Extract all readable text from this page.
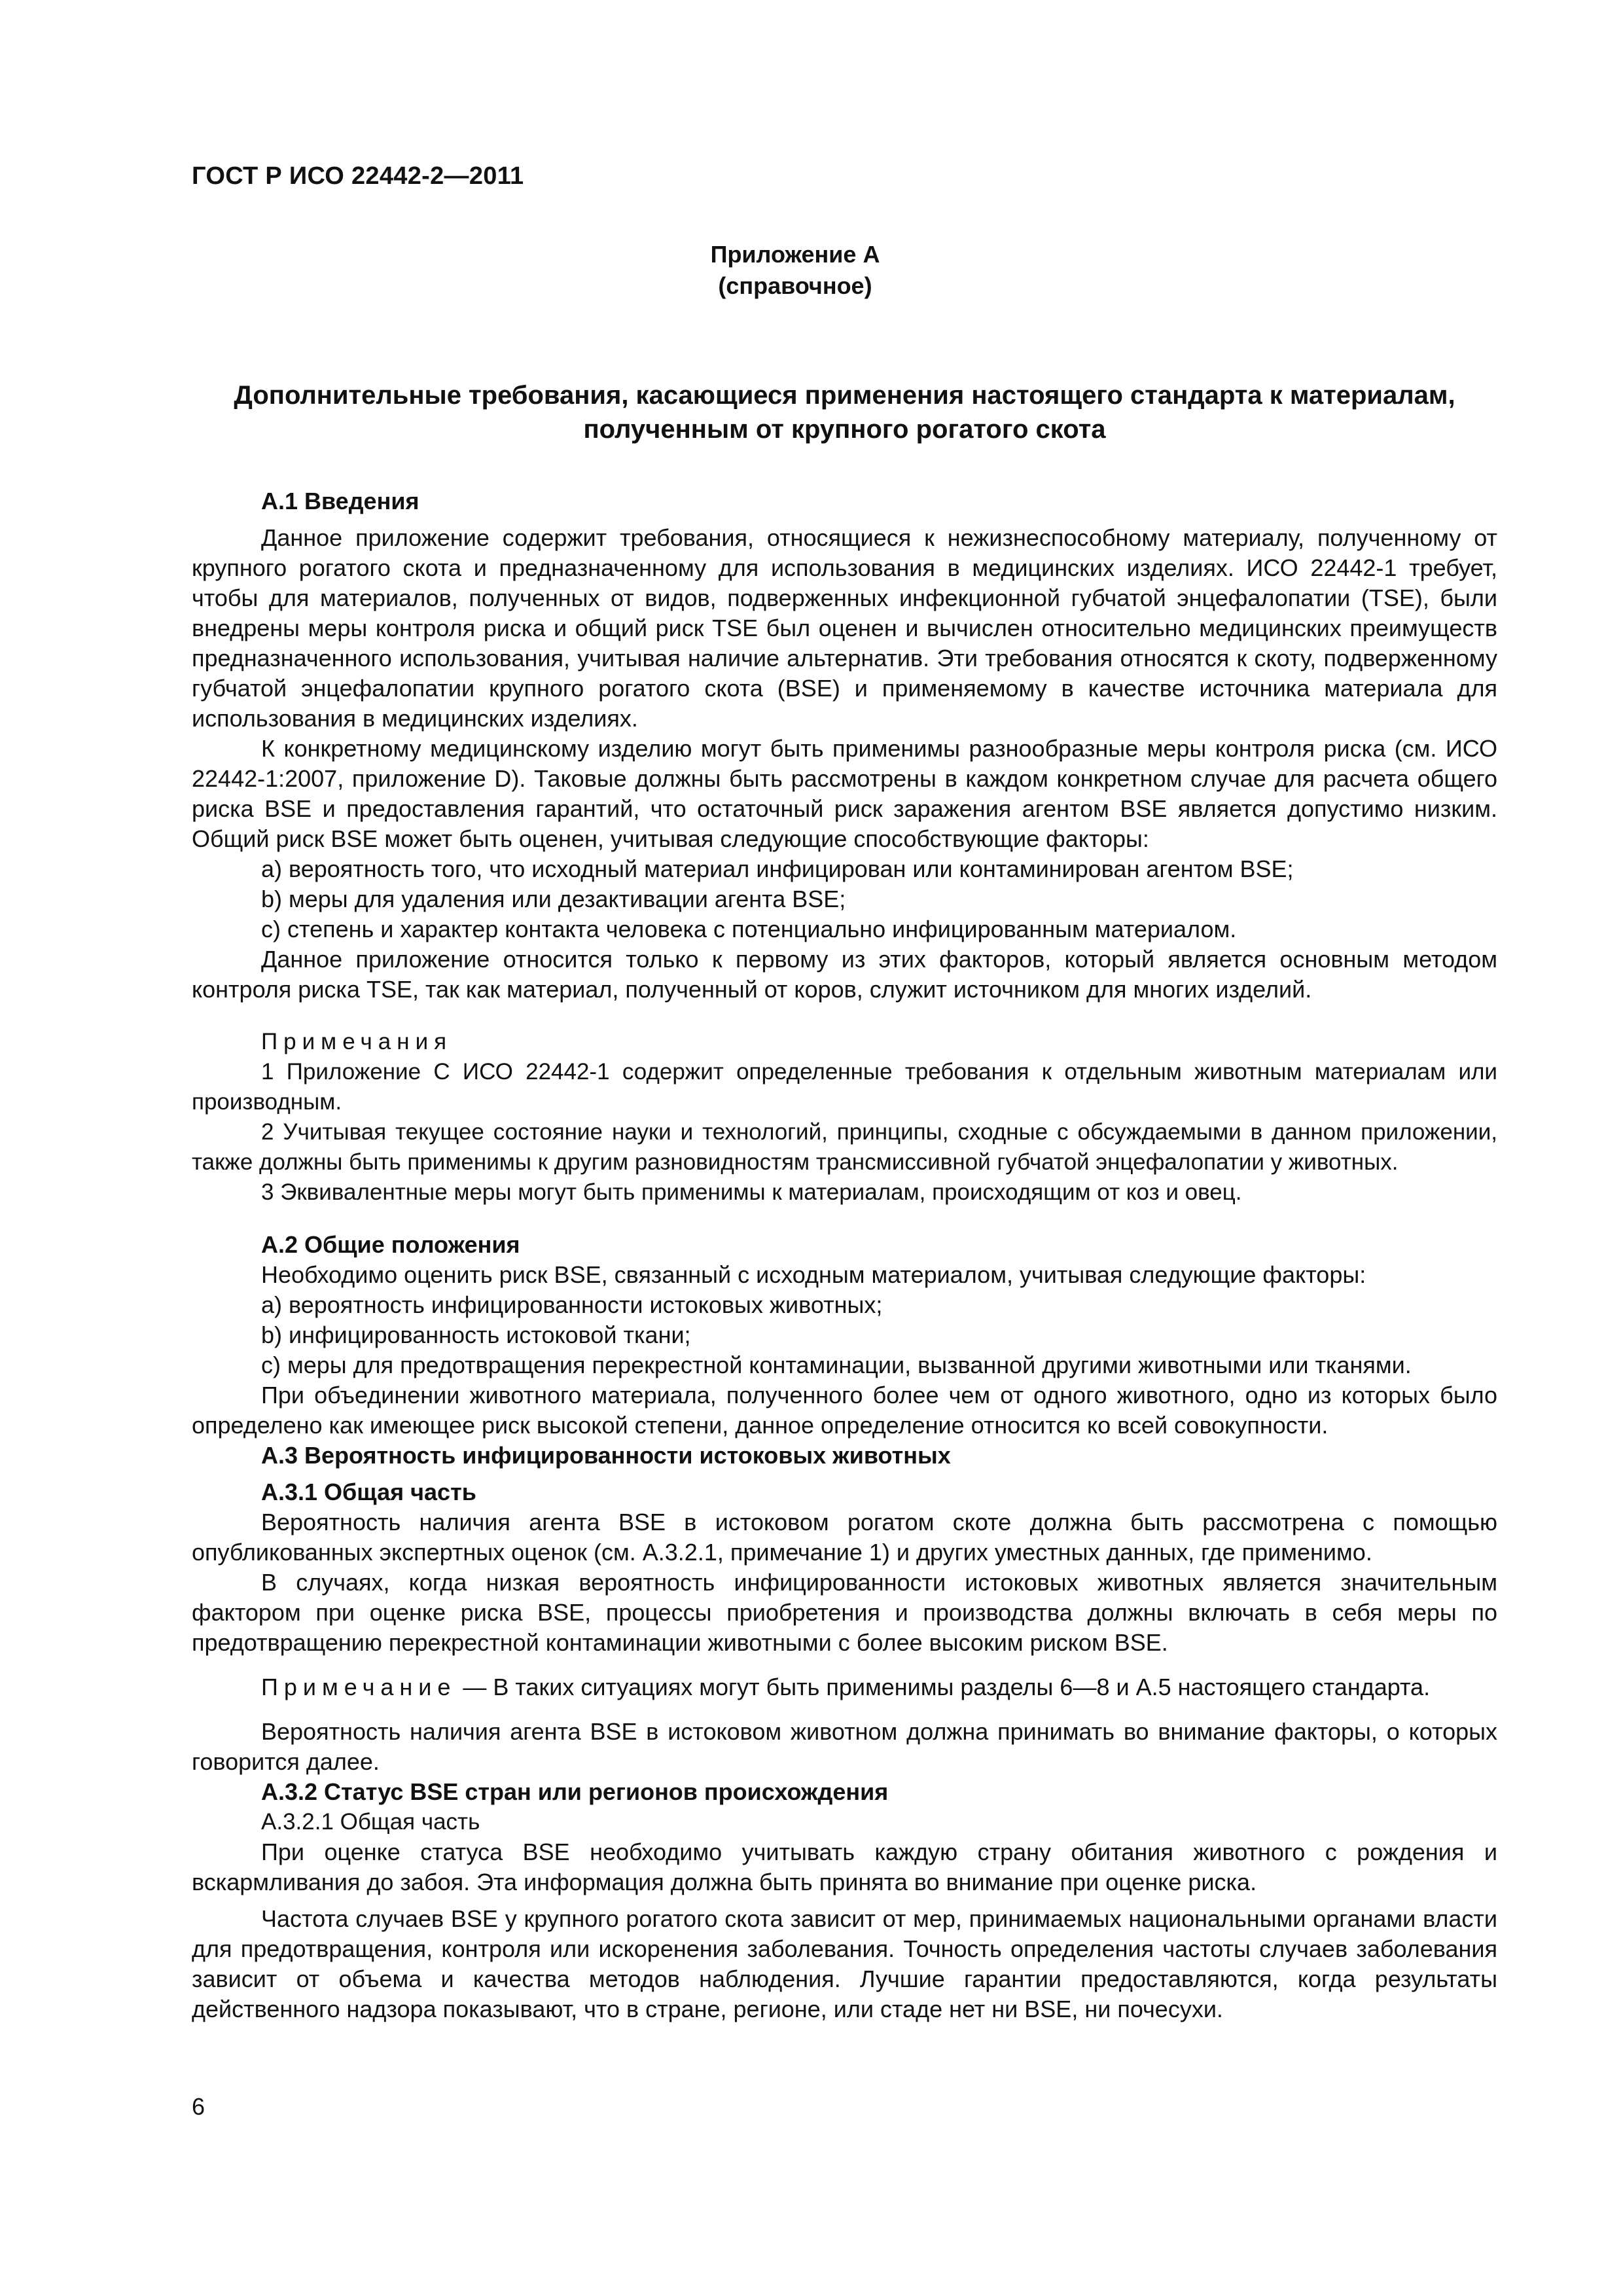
ГОСТ Р ИСО 22442-2—2011
Приложение А
(справочное)
Дополнительные требования, касающиеся применения настоящего стандарта к материалам, полученным от крупного рогатого скота
А.1 Введения

Данное приложение содержит требования, относящиеся к нежизнеспособному материалу, полученному от крупного рогатого скота и предназначенному для использования в медицинских изделиях. ИСО 22442-1 требует, чтобы для материалов, полученных от видов, подверженных инфекционной губчатой энцефалопатии (TSE), были внедрены меры контроля риска и общий риск TSE был оценен и вычислен относительно медицинских преимуществ предназначенного использования, учитывая наличие альтернатив. Эти требования относятся к скоту, подверженному губчатой энцефалопатии крупного рогатого скота (BSE) и применяемому в качестве источника материала для использования в медицинских изделиях.

К конкретному медицинскому изделию могут быть применимы разнообразные меры контроля риска (см. ИСО 22442-1:2007, приложение D). Таковые должны быть рассмотрены в каждом конкретном случае для расчета общего риска BSE и предоставления гарантий, что остаточный риск заражения агентом BSE является допустимо низким. Общий риск BSE может быть оценен, учитывая следующие способствующие факторы:

a) вероятность того, что исходный материал инфицирован или контаминирован агентом BSE;

b) меры для удаления или дезактивации агента BSE;

c) степень и характер контакта человека с потенциально инфицированным материалом.

Данное приложение относится только к первому из этих факторов, который является основным методом контроля риска TSE, так как материал, полученный от коров, служит источником для многих изделий.

Примечания

1 Приложение С ИСО 22442-1 содержит определенные требования к отдельным животным материалам или производным.

2 Учитывая текущее состояние науки и технологий, принципы, сходные с обсуждаемыми в данном приложении, также должны быть применимы к другим разновидностям трансмиссивной губчатой энцефалопатии у животных.

3 Эквивалентные меры могут быть применимы к материалам, происходящим от коз и овец.

А.2 Общие положения

Необходимо оценить риск BSE, связанный с исходным материалом, учитывая следующие факторы:

a) вероятность инфицированности истоковых животных;

b) инфицированность истоковой ткани;

c) меры для предотвращения перекрестной контаминации, вызванной другими животными или тканями.

При объединении животного материала, полученного более чем от одного животного, одно из которых было определено как имеющее риск высокой степени, данное определение относится ко всей совокупности.

А.3 Вероятность инфицированности истоковых животных
А.3.1 Общая часть

Вероятность наличия агента BSE в истоковом рогатом скоте должна быть рассмотрена с помощью опубликованных экспертных оценок (см. А.3.2.1, примечание 1) и других уместных данных, где применимо.

В случаях, когда низкая вероятность инфицированности истоковых животных является значительным фактором при оценке риска BSE, процессы приобретения и производства должны включать в себя меры по предотвращению перекрестной контаминации животными с более высоким риском BSE.

Примечание — В таких ситуациях могут быть применимы разделы 6—8 и А.5 настоящего стандарта.

Вероятность наличия агента BSE в истоковом животном должна принимать во внимание факторы, о которых говорится далее.

А.3.2 Статус BSE стран или регионов происхождения
А.3.2.1 Общая часть

При оценке статуса BSE необходимо учитывать каждую страну обитания животного с рождения и вскармливания до забоя. Эта информация должна быть принята во внимание при оценке риска.

Частота случаев BSE у крупного рогатого скота зависит от мер, принимаемых национальными органами власти для предотвращения, контроля или искоренения заболевания. Точность определения частоты случаев заболевания зависит от объема и качества методов наблюдения. Лучшие гарантии предоставляются, когда результаты действенного надзора показывают, что в стране, регионе, или стаде нет ни BSE, ни почесухи.

6
